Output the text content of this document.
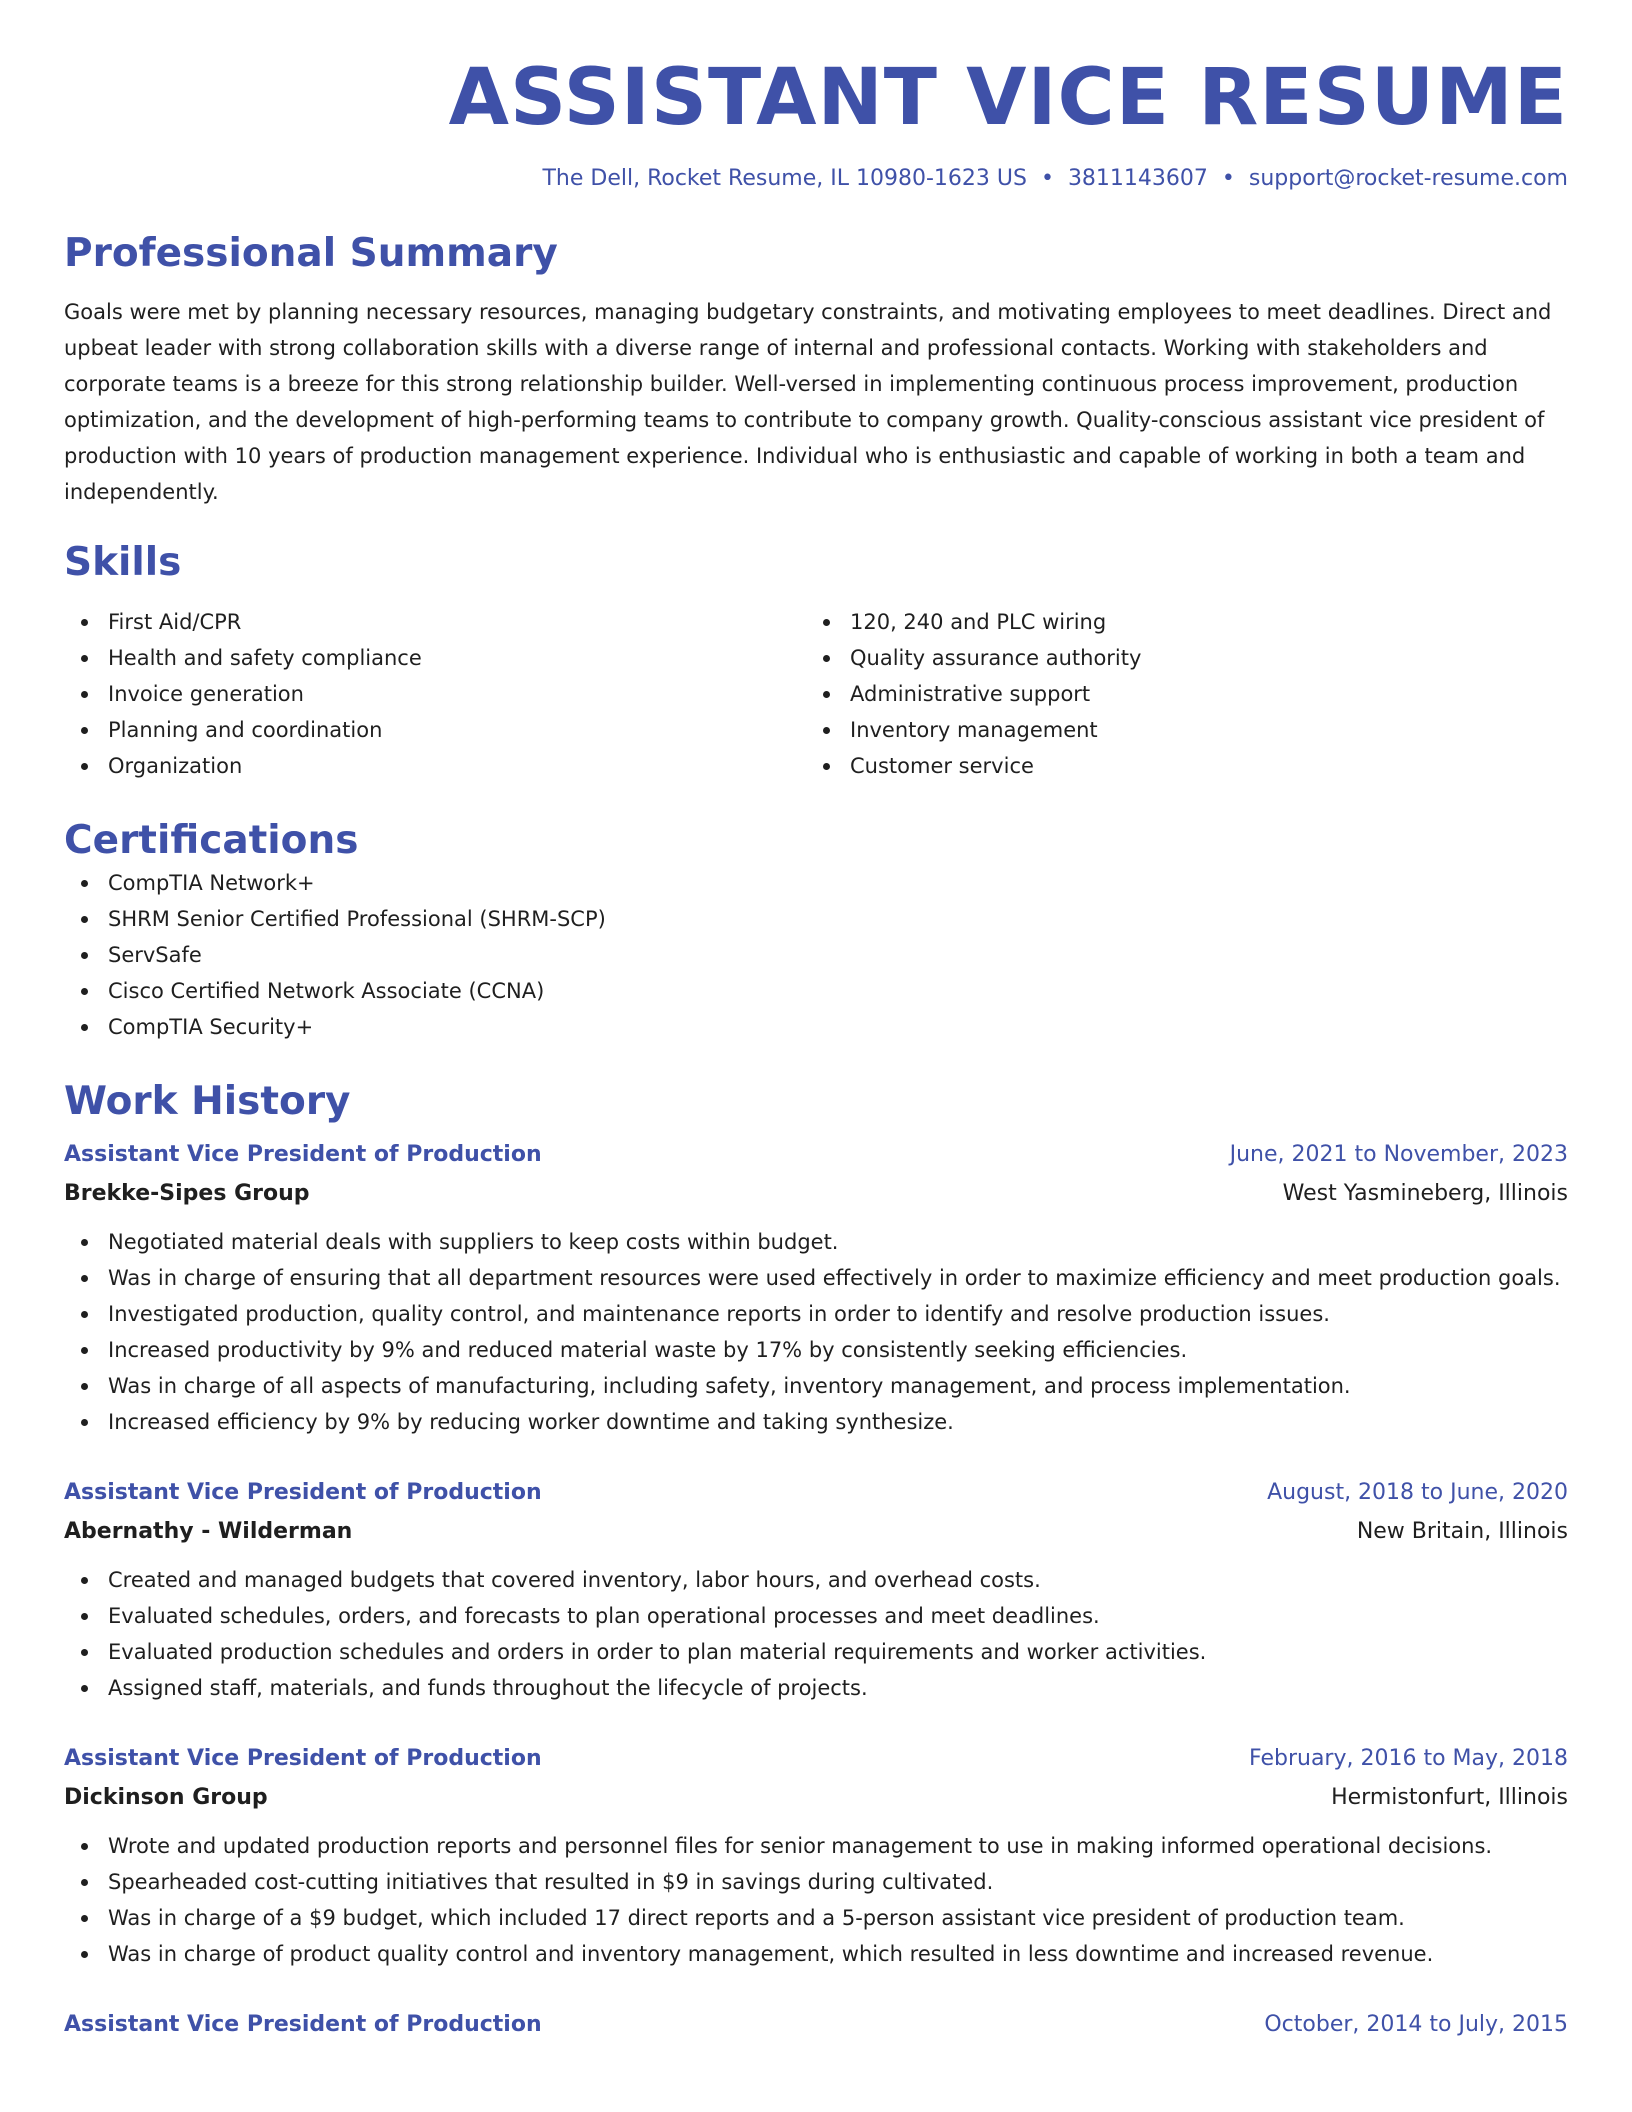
ASSISTANT VICE RESUME
The Dell, Rocket Resume, IL 10980-1623 US • 3811143607 • support@rocket-resume.com
Professional Summary
Goals were met by planning necessary resources, managing budgetary constraints, and motivating employees to meet deadlines. Direct and upbeat leader with strong collaboration skills with a diverse range of internal and professional contacts. Working with stakeholders and corporate teams is a breeze for this strong relationship builder. Well-versed in implementing continuous process improvement, production optimization, and the development of high-performing teams to contribute to company growth. Quality-conscious assistant vice president of production with 10 years of production management experience. Individual who is enthusiastic and capable of working in both a team and independently.
Skills
First Aid/CPR
Health and safety compliance
Invoice generation
Planning and coordination
Organization
120, 240 and PLC wiring
Quality assurance authority
Administrative support
Inventory management
Customer service
Certifications
CompTIA Network+
SHRM Senior Certified Professional (SHRM-SCP)
ServSafe
Cisco Certified Network Associate (CCNA)
CompTIA Security+
Work History
Assistant Vice President of Production	June, 2021 to November, 2023
Brekke-Sipes Group	West Yasmineberg, Illinois
Negotiated material deals with suppliers to keep costs within budget.
Was in charge of ensuring that all department resources were used effectively in order to maximize efficiency and meet production goals.
Investigated production, quality control, and maintenance reports in order to identify and resolve production issues.
Increased productivity by 9% and reduced material waste by 17% by consistently seeking efficiencies.
Was in charge of all aspects of manufacturing, including safety, inventory management, and process implementation.
Increased efficiency by 9% by reducing worker downtime and taking synthesize.
Assistant Vice President of Production	August, 2018 to June, 2020
Abernathy - Wilderman	New Britain, Illinois
Created and managed budgets that covered inventory, labor hours, and overhead costs.
Evaluated schedules, orders, and forecasts to plan operational processes and meet deadlines.
Evaluated production schedules and orders in order to plan material requirements and worker activities.
Assigned staff, materials, and funds throughout the lifecycle of projects.
Assistant Vice President of Production	February, 2016 to May, 2018
Dickinson Group	Hermistonfurt, Illinois
Wrote and updated production reports and personnel files for senior management to use in making informed operational decisions.
Spearheaded cost-cutting initiatives that resulted in $9 in savings during cultivated.
Was in charge of a $9 budget, which included 17 direct reports and a 5-person assistant vice president of production team.
Was in charge of product quality control and inventory management, which resulted in less downtime and increased revenue.
Assistant Vice President of Production	October, 2014 to July, 2015
